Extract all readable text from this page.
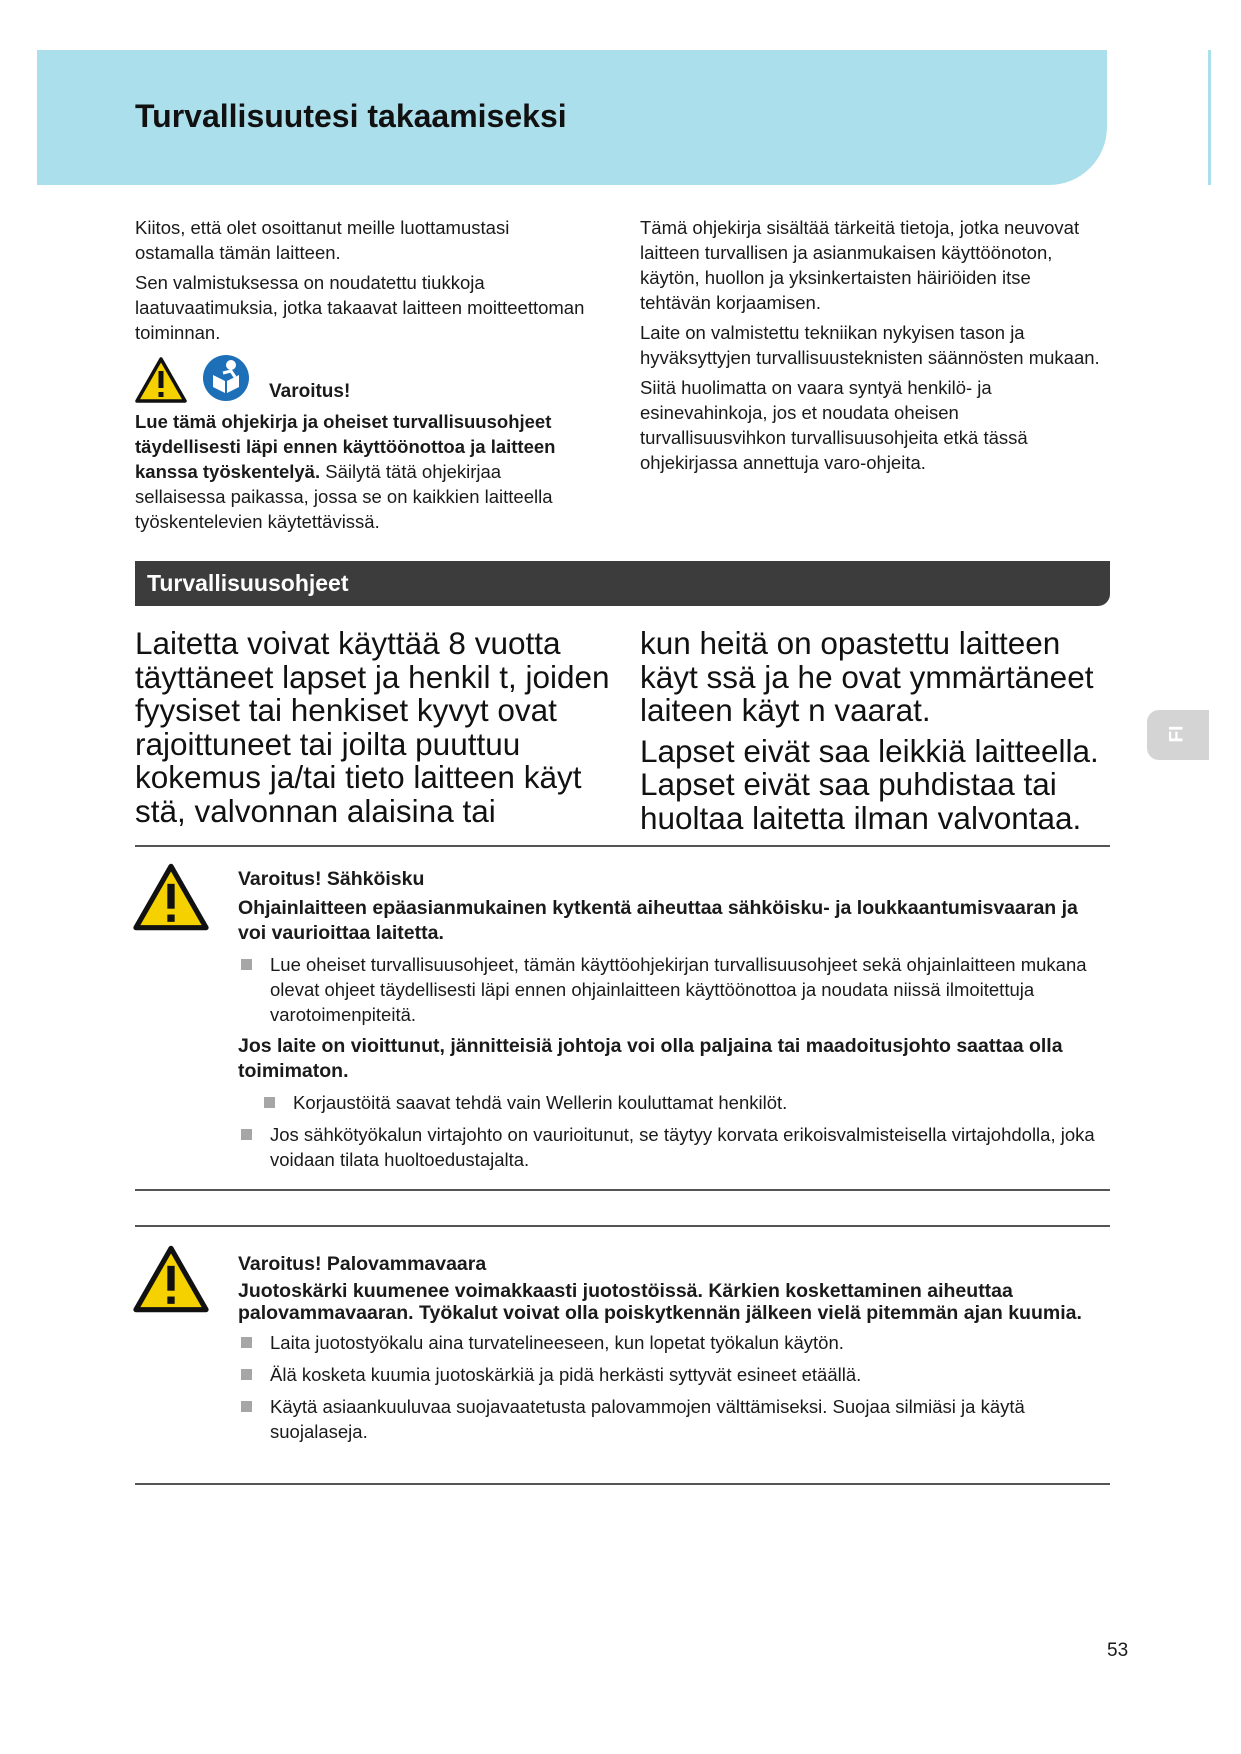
Turvallisuutesi takaamiseksi

Kiitos, että olet osoittanut meille luottamustasi ostamalla tämän laitteen.

Sen valmistuksessa on noudatettu tiukkoja laatuvaatimuksia, jotka takaavat laitteen moitteettoman toiminnan.

Varoitus!

Lue tämä ohjekirja ja oheiset turvallisuusohjeet täydellisesti läpi ennen käyttöönottoa ja laitteen kanssa työskentelyä. Säilytä tätä ohjekirjaa sellaisessa paikassa, jossa se on kaikkien laitteella työskentelevien käytettävissä.

Tämä ohjekirja sisältää tärkeitä tietoja, jotka neuvovat laitteen turvallisen ja asianmukaisen käyttöönoton, käytön, huollon ja yksinkertaisten häiriöiden itse tehtävän korjaamisen.

Laite on valmistettu tekniikan nykyisen tason ja hyväksyttyjen turvallisuusteknisten säännösten mukaan.

Siitä huolimatta on vaara syntyä henkilö- ja esinevahinkoja, jos et noudata oheisen turvallisuusvihkon turvallisuusohjeita etkä tässä ohjekirjassa annettuja varo-ohjeita.

Turvallisuusohjeet

Laitetta voivat käyttää 8 vuotta täyttäneet lapset ja henkil t, joiden fyysiset tai henkiset kyvyt ovat rajoittuneet tai joilta puuttuu kokemus ja/tai tieto laitteen käyt stä, valvonnan alaisina tai

kun heitä on opastettu laitteen käyt ssä ja he ovat ymmärtäneet laiteen käyt n vaarat.

Lapset eivät saa leikkiä laitteella. Lapset eivät saa puhdistaa tai huoltaa laitetta ilman valvontaa.

FI

Varoitus! Sähköisku

Ohjainlaitteen epäasianmukainen kytkentä aiheuttaa sähköisku- ja loukkaantumisvaaran ja voi vaurioittaa laitetta.

Lue oheiset turvallisuusohjeet, tämän käyttöohjekirjan turvallisuusohjeet sekä ohjainlaitteen mukana olevat ohjeet täydellisesti läpi ennen ohjainlaitteen käyttöönottoa ja noudata niissä ilmoitettuja varotoimenpiteitä.

Jos laite on vioittunut, jännitteisiä johtoja voi olla paljaina tai maadoitusjohto saattaa olla toimimaton.

Korjaustöitä saavat tehdä vain Wellerin kouluttamat henkilöt.
Jos sähkötyökalun virtajohto on vaurioitunut, se täytyy korvata erikoisvalmisteisella virtajohdolla, joka voidaan tilata huoltoedustajalta.

Varoitus! Palovammavaara

Juotoskärki kuumenee voimakkaasti juotostöissä. Kärkien koskettaminen aiheuttaa palovammavaaran. Työkalut voivat olla poiskytkennän jälkeen vielä pitemmän ajan kuumia.

Laita juotostyökalu aina turvatelineeseen, kun lopetat työkalun käytön.
Älä kosketa kuumia juotoskärkiä ja pidä herkästi syttyvät esineet etäällä.
Käytä asiaankuuluvaa suojavaatetusta palovammojen välttämiseksi. Suojaa silmiäsi ja käytä suojalaseja.
53
